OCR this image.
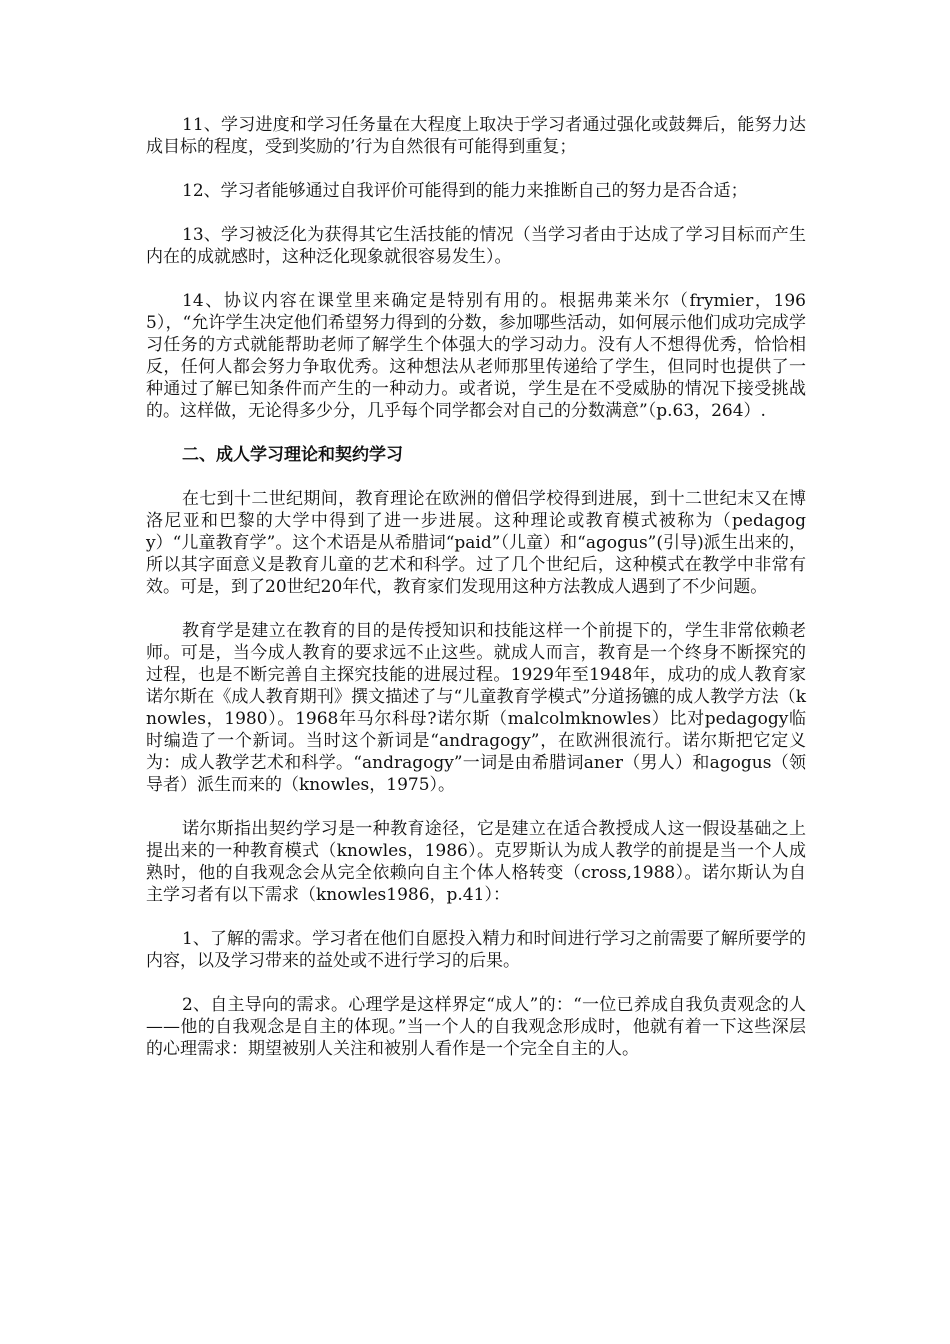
11、学习进度和学习任务量在大程度上取决于学习者通过强化或鼓舞后，能努力达成目标的程度，受到奖励的’行为自然很有可能得到重复；

12、学习者能够通过自我评价可能得到的能力来推断自己的努力是否合适；

13、学习被泛化为获得其它生活技能的情况（当学习者由于达成了学习目标而产生内在的成就感时，这种泛化现象就很容易发生）。

14、协议内容在课堂里来确定是特别有用的。根据弗莱米尔（frymier，1965），“允许学生决定他们希望努力得到的分数，参加哪些活动，如何展示他们成功完成学习任务的方式就能帮助老师了解学生个体强大的学习动力。没有人不想得优秀，恰恰相反，任何人都会努力争取优秀。这种想法从老师那里传递给了学生，但同时也提供了一种通过了解已知条件而产生的一种动力。或者说，学生是在不受威胁的情况下接受挑战的。这样做，无论得多少分，几乎每个同学都会对自己的分数满意”（p.63，264）.

二、成人学习理论和契约学习

在七到十二世纪期间，教育理论在欧洲的僧侣学校得到进展，到十二世纪末又在博洛尼亚和巴黎的大学中得到了进一步进展。这种理论或教育模式被称为（pedagogy）“儿童教育学”。这个术语是从希腊词“paid”（儿童）和“agogus”(引导)派生出来的，所以其字面意义是教育儿童的艺术和科学。过了几个世纪后，这种模式在教学中非常有效。可是，到了20世纪20年代，教育家们发现用这种方法教成人遇到了不少问题。

教育学是建立在教育的目的是传授知识和技能这样一个前提下的，学生非常依赖老师。可是，当今成人教育的要求远不止这些。就成人而言，教育是一个终身不断探究的过程，也是不断完善自主探究技能的进展过程。1929年至1948年，成功的成人教育家诺尔斯在《成人教育期刊》撰文描述了与“儿童教育学模式”分道扬镳的成人教学方法（knowles，1980）。1968年马尔科母?诺尔斯（malcolmknowles）比对pedagogy临时编造了一个新词。当时这个新词是“andragogy”，在欧洲很流行。诺尔斯把它定义为：成人教学艺术和科学。“andragogy”一词是由希腊词aner（男人）和agogus（领导者）派生而来的（knowles，1975）。

诺尔斯指出契约学习是一种教育途径，它是建立在适合教授成人这一假设基础之上提出来的一种教育模式（knowles，1986）。克罗斯认为成人教学的前提是当一个人成熟时，他的自我观念会从完全依赖向自主个体人格转变（cross,1988）。诺尔斯认为自主学习者有以下需求（knowles1986，p.41）：

1、了解的需求。学习者在他们自愿投入精力和时间进行学习之前需要了解所要学的内容，以及学习带来的益处或不进行学习的后果。

2、自主导向的需求。心理学是这样界定“成人”的：“一位已养成自我负责观念的人——他的自我观念是自主的体现。”当一个人的自我观念形成时，他就有着一下这些深层的心理需求：期望被别人关注和被别人看作是一个完全自主的人。
